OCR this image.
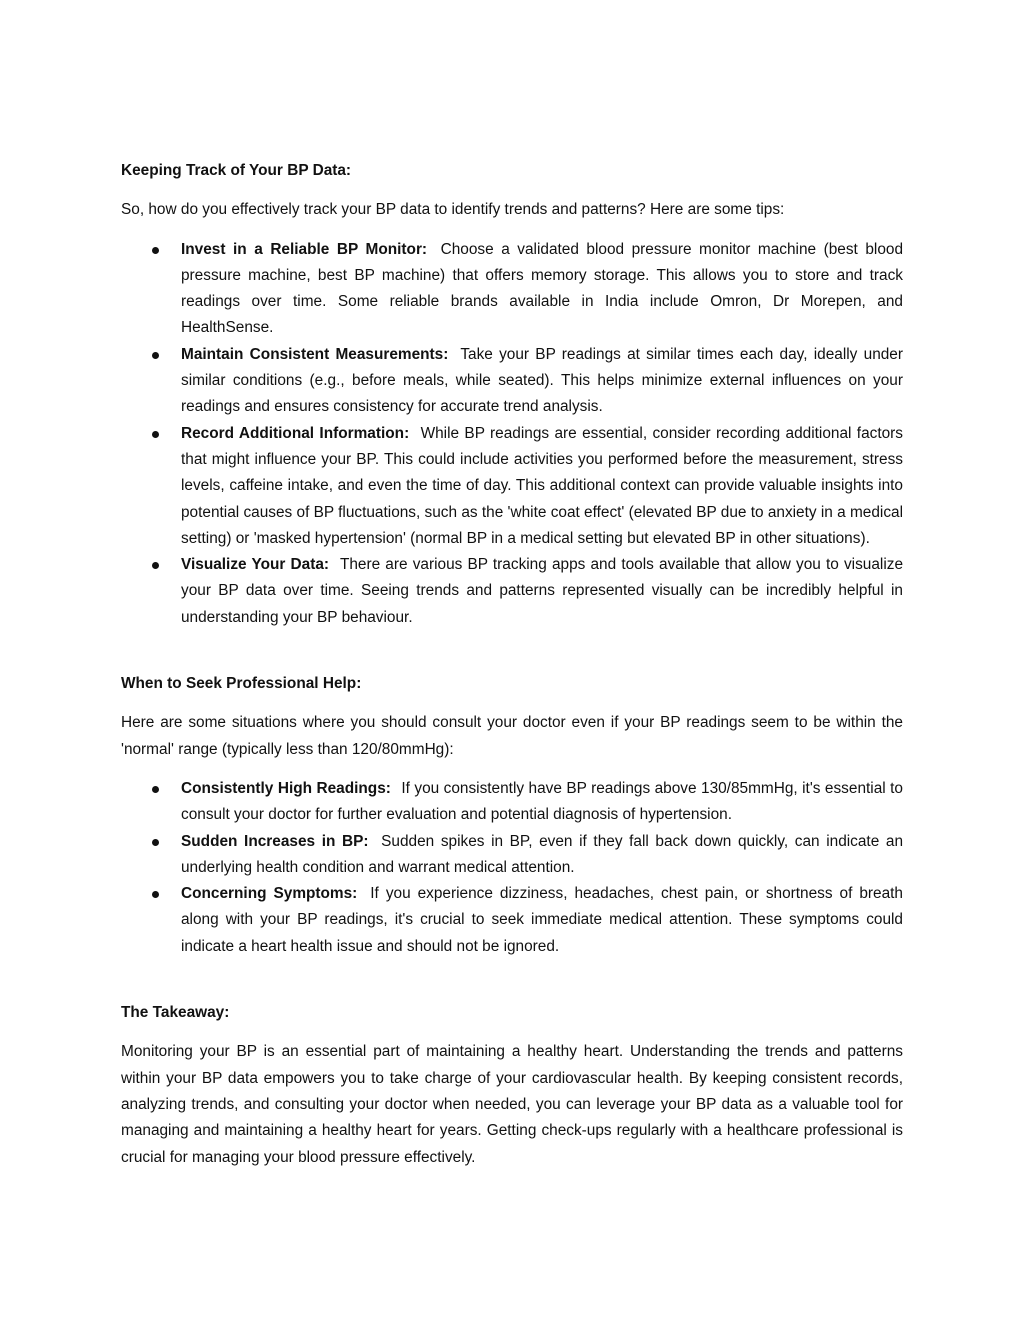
Keeping Track of Your BP Data:

So, how do you effectively track your BP data to identify trends and patterns? Here are some tips:

Invest in a Reliable BP Monitor: Choose a validated blood pressure monitor machine (best blood pressure machine, best BP machine) that offers memory storage. This allows you to store and track readings over time. Some reliable brands available in India include Omron, Dr Morepen, and HealthSense.
Maintain Consistent Measurements: Take your BP readings at similar times each day, ideally under similar conditions (e.g., before meals, while seated). This helps minimize external influences on your readings and ensures consistency for accurate trend analysis.
Record Additional Information: While BP readings are essential, consider recording additional factors that might influence your BP. This could include activities you performed before the measurement, stress levels, caffeine intake, and even the time of day. This additional context can provide valuable insights into potential causes of BP fluctuations, such as the 'white coat effect' (elevated BP due to anxiety in a medical setting) or 'masked hypertension' (normal BP in a medical setting but elevated BP in other situations).
Visualize Your Data: There are various BP tracking apps and tools available that allow you to visualize your BP data over time. Seeing trends and patterns represented visually can be incredibly helpful in understanding your BP behaviour.

When to Seek Professional Help:

Here are some situations where you should consult your doctor even if your BP readings seem to be within the 'normal' range (typically less than 120/80mmHg):

Consistently High Readings: If you consistently have BP readings above 130/85mmHg, it's essential to consult your doctor for further evaluation and potential diagnosis of hypertension.
Sudden Increases in BP: Sudden spikes in BP, even if they fall back down quickly, can indicate an underlying health condition and warrant medical attention.
Concerning Symptoms: If you experience dizziness, headaches, chest pain, or shortness of breath along with your BP readings, it's crucial to seek immediate medical attention. These symptoms could indicate a heart health issue and should not be ignored.

The Takeaway:

Monitoring your BP is an essential part of maintaining a healthy heart. Understanding the trends and patterns within your BP data empowers you to take charge of your cardiovascular health. By keeping consistent records, analyzing trends, and consulting your doctor when needed, you can leverage your BP data as a valuable tool for managing and maintaining a healthy heart for years. Getting check-ups regularly with a healthcare professional is crucial for managing your blood pressure effectively.
